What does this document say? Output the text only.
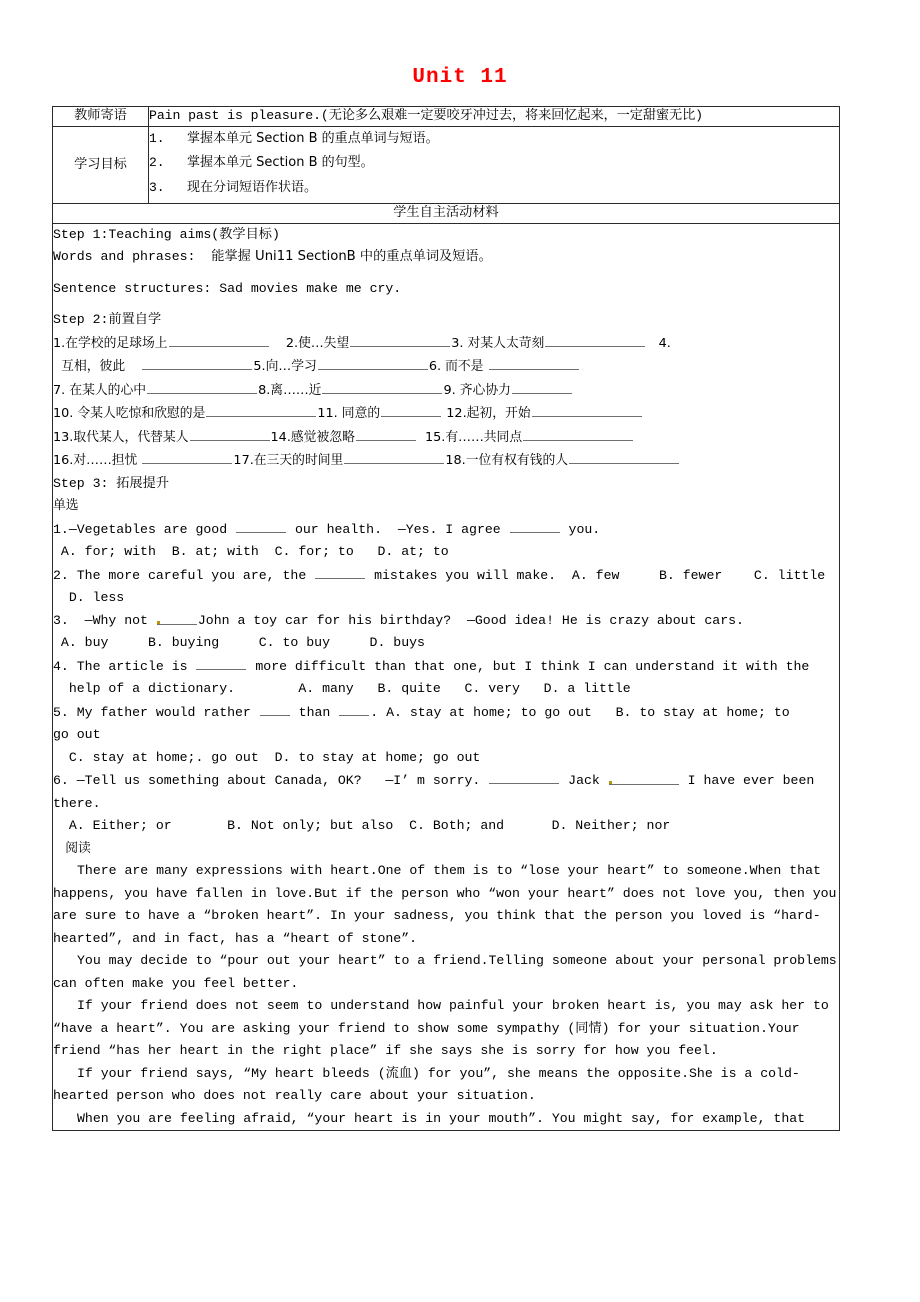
Unit 11
教师寄语	Pain past is pleasure.(无论多么艰难一定要咬牙冲过去，将来回忆起来，一定甜蜜无比)
学习目标	
1.	掌握本单元 Section B 的重点单词与短语。
2.	掌握本单元 Section B 的句型。
3.	现在分词短语作状语。

学生自主活动材料	

Step 1:Teaching aims(教学目标)
Words and phrases: 能掌握 Uni11 SectionB 中的重点单词及短语。
Sentence structures: Sad movies make me cry.
Step 2:前置自学
1.在学校的足球场上	2.使…失望	3. 对某人太苛刻	4.
互相，彼此	5.向…学习	6. 而不是
7. 在某人的心中	8.离……近	9. 齐心协力
10. 令某人吃惊和欣慰的是	11. 同意的	12.起初，开始
13.取代某人，代替某人	14.感觉被忽略	15.有……共同点
16.对……担忧	17.在三天的时间里	18.一位有权有钱的人
Step 3: 拓展提升
单选
1.—Vegetables are good	our health.  —Yes. I agree	you.
A. for; with  B. at; with  C. for; to   D. at; to
2. The more careful you are, the	mistakes you will make.  A. few     B. fewer    C. little
D. less
3.  —Why not	John a toy car for his birthday?  —Good idea! He is crazy about cars.
A. buy     B. buying     C. to buy     D. buys
4. The article is	more difficult than that one, but I think I can understand it with the
help of a dictionary.        A. many   B. quite   C. very   D. a little
5. My father would rather  than . A. stay at home; to go out   B. to stay at home; to
go out
C. stay at home;. go out  D. to stay at home; go out
6. —Tell us something about Canada, OK?   —I’ m sorry.	Jack	I have ever been
there.
A. Either; or       B. Not only; but also  C. Both; and      D. Neither; nor
阅读
There are many expressions with heart.One of them is to “lose your heart” to someone.When that happens, you have fallen in love.But if the person who “won your heart” does not love you, then you are sure to have a “broken heart”. In your sadness, you think that the person you loved is “hard-hearted”, and in fact, has a “heart of stone”.
You may decide to “pour out your heart” to a friend.Telling someone about your personal problems can often make you feel better.
If your friend does not seem to understand how painful your broken heart is, you may ask her to “have a heart”. You are asking your friend to show some sympathy (同情) for your situation.Your friend “has her heart in the right place” if she says she is sorry for how you feel.
If your friend says, “My heart bleeds (流血) for you”, she means the opposite.She is a cold-hearted person who does not really care about your situation.
When you are feeling afraid, “your heart is in your mouth”. You might say, for example, that
